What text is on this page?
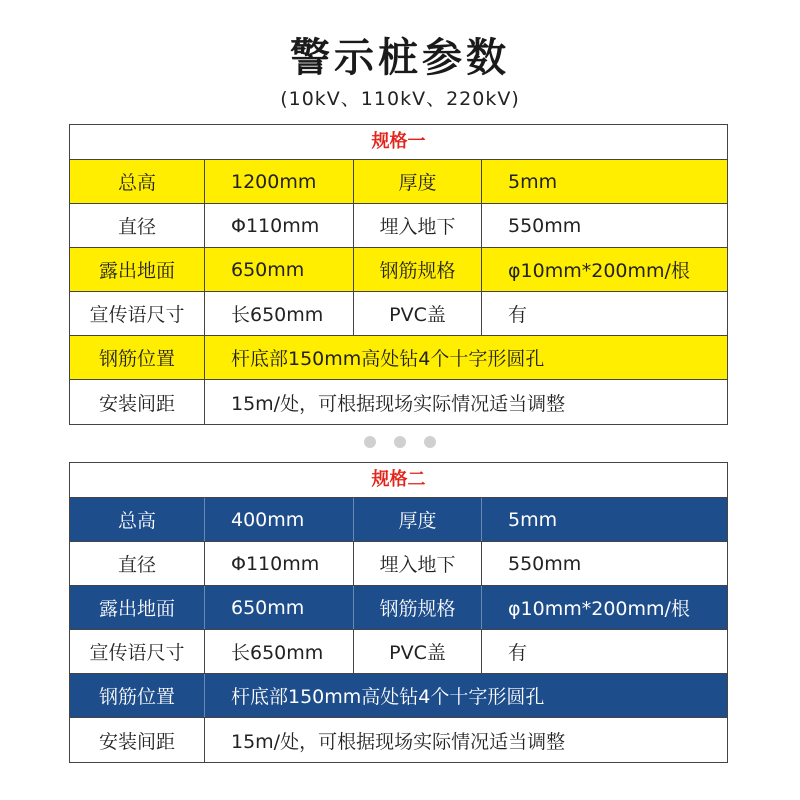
警示桩参数
(10kV、110kV、220kV)
规格一
总高	1200mm	厚度	5mm
直径	Φ110mm	埋入地下	550mm
露出地面	650mm	钢筋规格	φ10mm*200mm/根
宣传语尺寸	长650mm	PVC盖	有
钢筋位置	杆底部150mm高处钻4个十字形圆孔
安装间距	15m/处，可根据现场实际情况适当调整
规格二
总高	400mm	厚度	5mm
直径	Φ110mm	埋入地下	550mm
露出地面	650mm	钢筋规格	φ10mm*200mm/根
宣传语尺寸	长650mm	PVC盖	有
钢筋位置	杆底部150mm高处钻4个十字形圆孔
安装间距	15m/处，可根据现场实际情况适当调整
